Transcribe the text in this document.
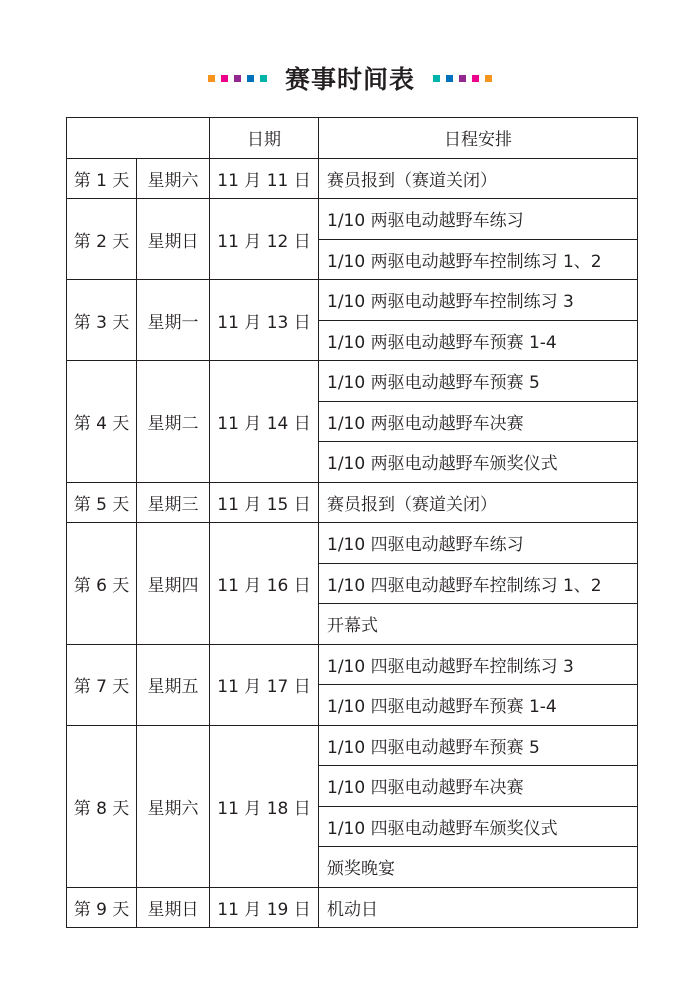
赛事时间表
		日期	日程安排
第 1 天	星期六	11 月 11 日	赛员报到（赛道关闭）
第 2 天	星期日	11 月 12 日	1/10 两驱电动越野车练习
			1/10 两驱电动越野车控制练习 1、2
第 3 天	星期一	11 月 13 日	1/10 两驱电动越野车控制练习 3
			1/10 两驱电动越野车预赛 1-4
第 4 天	星期二	11 月 14 日	1/10 两驱电动越野车预赛 5
			1/10 两驱电动越野车决赛
			1/10 两驱电动越野车颁奖仪式
第 5 天	星期三	11 月 15 日	赛员报到（赛道关闭）
第 6 天	星期四	11 月 16 日	1/10 四驱电动越野车练习
			1/10 四驱电动越野车控制练习 1、2
			开幕式
第 7 天	星期五	11 月 17 日	1/10 四驱电动越野车控制练习 3
			1/10 四驱电动越野车预赛 1-4
第 8 天	星期六	11 月 18 日	1/10 四驱电动越野车预赛 5
			1/10 四驱电动越野车决赛
			1/10 四驱电动越野车颁奖仪式
			颁奖晚宴
第 9 天	星期日	11 月 19 日	机动日
